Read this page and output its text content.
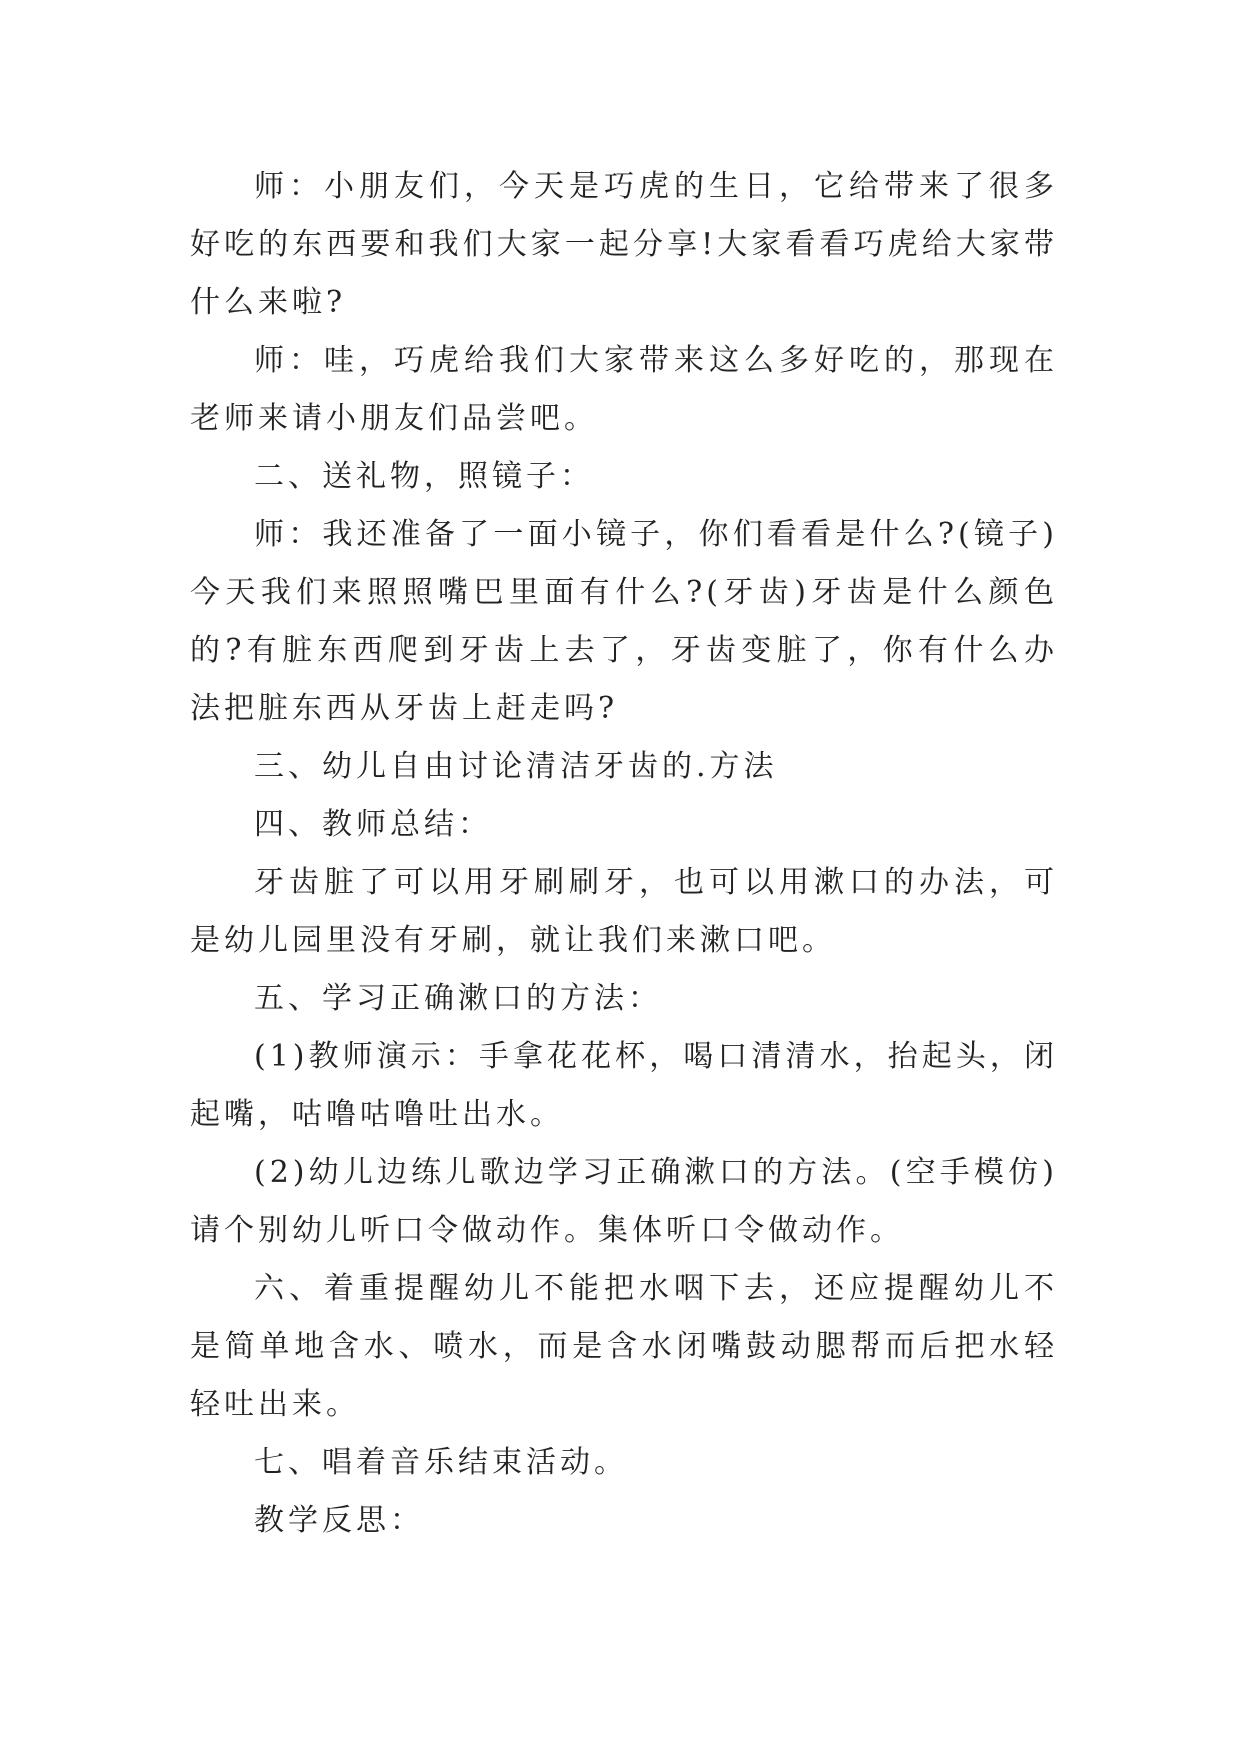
师：小朋友们，今天是巧虎的生日，它给带来了很多好吃的东西要和我们大家一起分享!大家看看巧虎给大家带什么来啦?

师：哇，巧虎给我们大家带来这么多好吃的，那现在老师来请小朋友们品尝吧。

二、送礼物，照镜子：

师：我还准备了一面小镜子，你们看看是什么?(镜子)今天我们来照照嘴巴里面有什么?(牙齿)牙齿是什么颜色的?有脏东西爬到牙齿上去了，牙齿变脏了，你有什么办法把脏东西从牙齿上赶走吗?

三、幼儿自由讨论清洁牙齿的.方法

四、教师总结：

牙齿脏了可以用牙刷刷牙，也可以用漱口的办法，可是幼儿园里没有牙刷，就让我们来漱口吧。

五、学习正确漱口的方法：

(1)教师演示：手拿花花杯，喝口清清水，抬起头，闭起嘴，咕噜咕噜吐出水。

(2)幼儿边练儿歌边学习正确漱口的方法。(空手模仿)请个别幼儿听口令做动作。集体听口令做动作。

六、着重提醒幼儿不能把水咽下去，还应提醒幼儿不是简单地含水、喷水，而是含水闭嘴鼓动腮帮而后把水轻轻吐出来。

七、唱着音乐结束活动。

教学反思：
